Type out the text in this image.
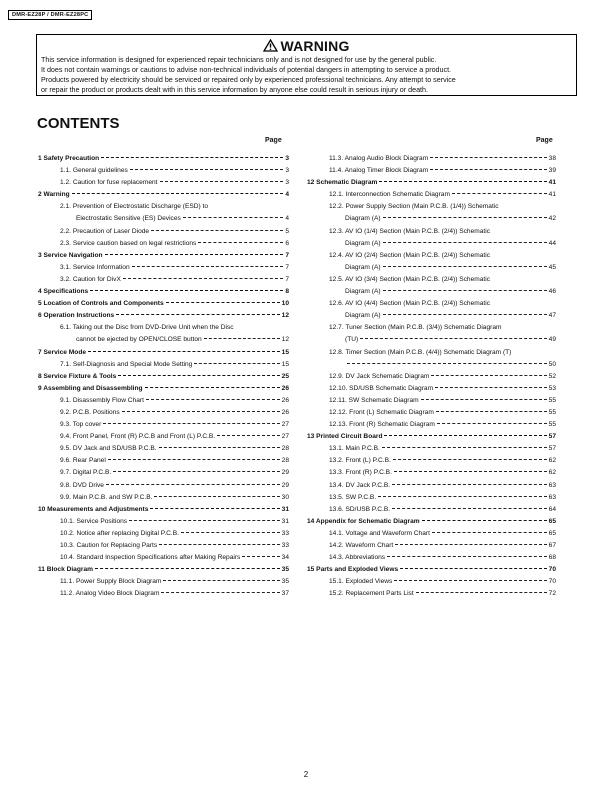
DMR-EZ28P / DMR-EZ28PC
WARNING
This service information is designed for experienced repair technicians only and is not designed for use by the general public.
It does not contain warnings or cautions to advise non-technical individuals of potential dangers in attempting to service a product.
Products powered by electricity should be serviced or repaired only by experienced professional technicians. Any attempt to service
or repair the product or products dealt with in this service information by anyone else could result in serious injury or death.
CONTENTS
Page	Page
1 Safety Precaution	3
1.1. General guidelines	3
1.2. Caution for fuse replacement	3
2 Warning	4
2.1. Prevention of Electrostatic Discharge (ESD) to
Electrostatic Sensitive (ES) Devices	4
2.2. Precaution of Laser Diode	5
2.3. Service caution based on legal restrictions	6
3 Service Navigation	7
3.1. Service Information	7
3.2. Caution for DivX	7
4 Specifications	8
5 Location of Controls and Components	10
6 Operation Instructions	12
6.1. Taking out the Disc from DVD-Drive Unit when the Disc
cannot be ejected by OPEN/CLOSE button	12
7 Service Mode	15
7.1. Self-Diagnosis and Special Mode Setting	15
8 Service Fixture & Tools	25
9 Assembling and Disassembling	26
9.1. Disassembly Flow Chart	26
9.2. P.C.B. Positions	26
9.3. Top cover	27
9.4. Front Panel, Front (R) P.C.B and Front (L) P.C.B.	27
9.5. DV Jack and SD/USB P.C.B.	28
9.6. Rear Panel	28
9.7. Digital P.C.B.	29
9.8. DVD Drive	29
9.9. Main P.C.B. and SW P.C.B.	30
10 Measurements and Adjustments	31
10.1. Service Positions	31
10.2. Notice after replacing Digital P.C.B.	33
10.3. Caution for Replacing Parts	33
10.4. Standard Inspection Specifications after Making Repairs	34
11 Block Diagram	35
11.1. Power Supply Block Diagram	35
11.2. Analog Video Block Diagram	37
11.3. Analog Audio Block Diagram	38
11.4. Analog Timer Block Diagram	39
12 Schematic Diagram	41
12.1. Interconnection Schematic Diagram	41
12.2. Power Supply Section (Main P.C.B. (1/4)) Schematic
Diagram (A)	42
12.3. AV IO (1/4) Section (Main P.C.B. (2/4)) Schematic
Diagram (A)	44
12.4. AV IO (2/4) Section (Main P.C.B. (2/4)) Schematic
Diagram (A)	45
12.5. AV IO (3/4) Section (Main P.C.B. (2/4)) Schematic
Diagram (A)	46
12.6. AV IO (4/4) Section (Main P.C.B. (2/4)) Schematic
Diagram (A)	47
12.7. Tuner Section (Main P.C.B. (3/4)) Schematic Diagram
(TU)	49
12.8. Timer Section (Main P.C.B. (4/4)) Schematic Diagram (T)
50
12.9. DV Jack Schematic Diagram	52
12.10. SD/USB Schematic Diagram	53
12.11. SW Schematic Diagram	55
12.12. Front (L) Schematic Diagram	55
12.13. Front (R) Schematic Diagram	55
13 Printed Circuit Board	57
13.1. Main P.C.B.	57
13.2. Front (L) P.C.B.	62
13.3. Front (R) P.C.B.	62
13.4. DV Jack P.C.B.	63
13.5. SW P.C.B.	63
13.6. SD/USB P.C.B.	64
14 Appendix for Schematic Diagram	65
14.1. Voltage and Waveform Chart	65
14.2. Waveform Chart	67
14.3. Abbreviations	68
15 Parts and Exploded Views	70
15.1. Exploded Views	70
15.2. Replacement Parts List	72
2
